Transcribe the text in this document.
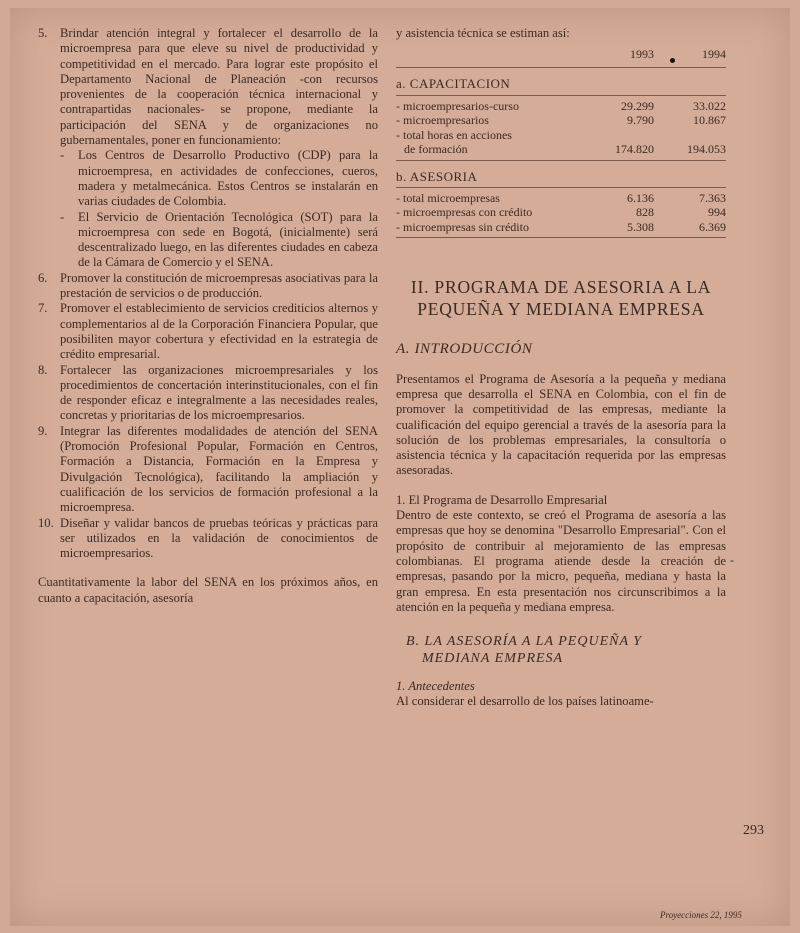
5. Brindar atención integral y fortalecer el desarrollo de la microempresa para que eleve su nivel de productividad y competitividad en el mercado. Para lograr este propósito el Departamento Nacional de Planeación -con recursos provenientes de la cooperación técnica internacional y contrapartidas nacionales- se propone, mediante la participación del SENA y de organizaciones no gubernamentales, poner en funcionamiento:
-	Los Centros de Desarrollo Productivo (CDP) para la microempresa, en actividades de confecciones, cueros, madera y metalmecánica. Estos Centros se instalarán en varias ciudades de Colombia.
-	El Servicio de Orientación Tecnológica (SOT) para la microempresa con sede en Bogotá, (inicialmente) será descentralizado luego, en las diferentes ciudades en cabeza de la Cámara de Comercio y el SENA.
6. Promover la constitución de microempresas asociativas para la prestación de servicios o de producción.
7. Promover el establecimiento de servicios crediticios alternos y complementarios al de la Corporación Financiera Popular, que posibiliten mayor cobertura y efectividad en la estrategia de crédito empresarial.
8. Fortalecer las organizaciones microempresariales y los procedimientos de concertación interinstitucionales, con el fin de responder eficaz e integralmente a las necesidades reales, concretas y prioritarias de los microempresarios.
9. Integrar las diferentes modalidades de atención del SENA (Promoción Profesional Popular, Formación en Centros, Formación a Distancia, Formación en la Empresa y Divulgación Tecnológica), facilitando la ampliación y cualificación de los servicios de formación profesional a la microempresa.
10. Diseñar y validar bancos de pruebas teóricas y prácticas para ser utilizados en la validación de conocimientos de microempresarios.
Cuantitativamente la labor del SENA en los próximos años, en cuanto a capacitación, asesoría
y asistencia técnica se estiman así:
1993	1994
a. CAPACITACION
- microempresarios-curso	29.299	33.022
- microempresarios	9.790	10.867
- total horas en acciones
de formación	174.820	194.053
b. ASESORIA
- total microempresas	6.136	7.363
- microempresas con crédito	828	994
- microempresas sin crédito	5.308	6.369
II. PROGRAMA DE ASESORIA A LA
PEQUEÑA Y MEDIANA EMPRESA
A. INTRODUCCIÓN
Presentamos el Programa de Asesoría a la pequeña y mediana empresa que desarrolla el SENA en Colombia, con el fin de promover la competitividad de las empresas, mediante la cualificación del equipo gerencial a través de la asesoría para la solución de los problemas empresariales, la consultoría o asistencia técnica y la capacitación requerida por las empresas asesoradas.
1. El Programa de Desarrollo Empresarial
Dentro de este contexto, se creó el Programa de asesoría a las empresas que hoy se denomina "Desarrollo Empresarial". Con el propósito de contribuir al mejoramiento de las empresas colombianas. El programa atiende desde la creación de empresas, pasando por la micro, pequeña, mediana y hasta la gran empresa. En esta presentación nos circunscribimos a la atención en la pequeña y mediana empresa.
B. LA ASESORÍA A LA PEQUEÑA Y
MEDIANA EMPRESA
1. Antecedentes
Al considerar el desarrollo de los países latinoame-
-
293
Proyecciones 22, 1995
